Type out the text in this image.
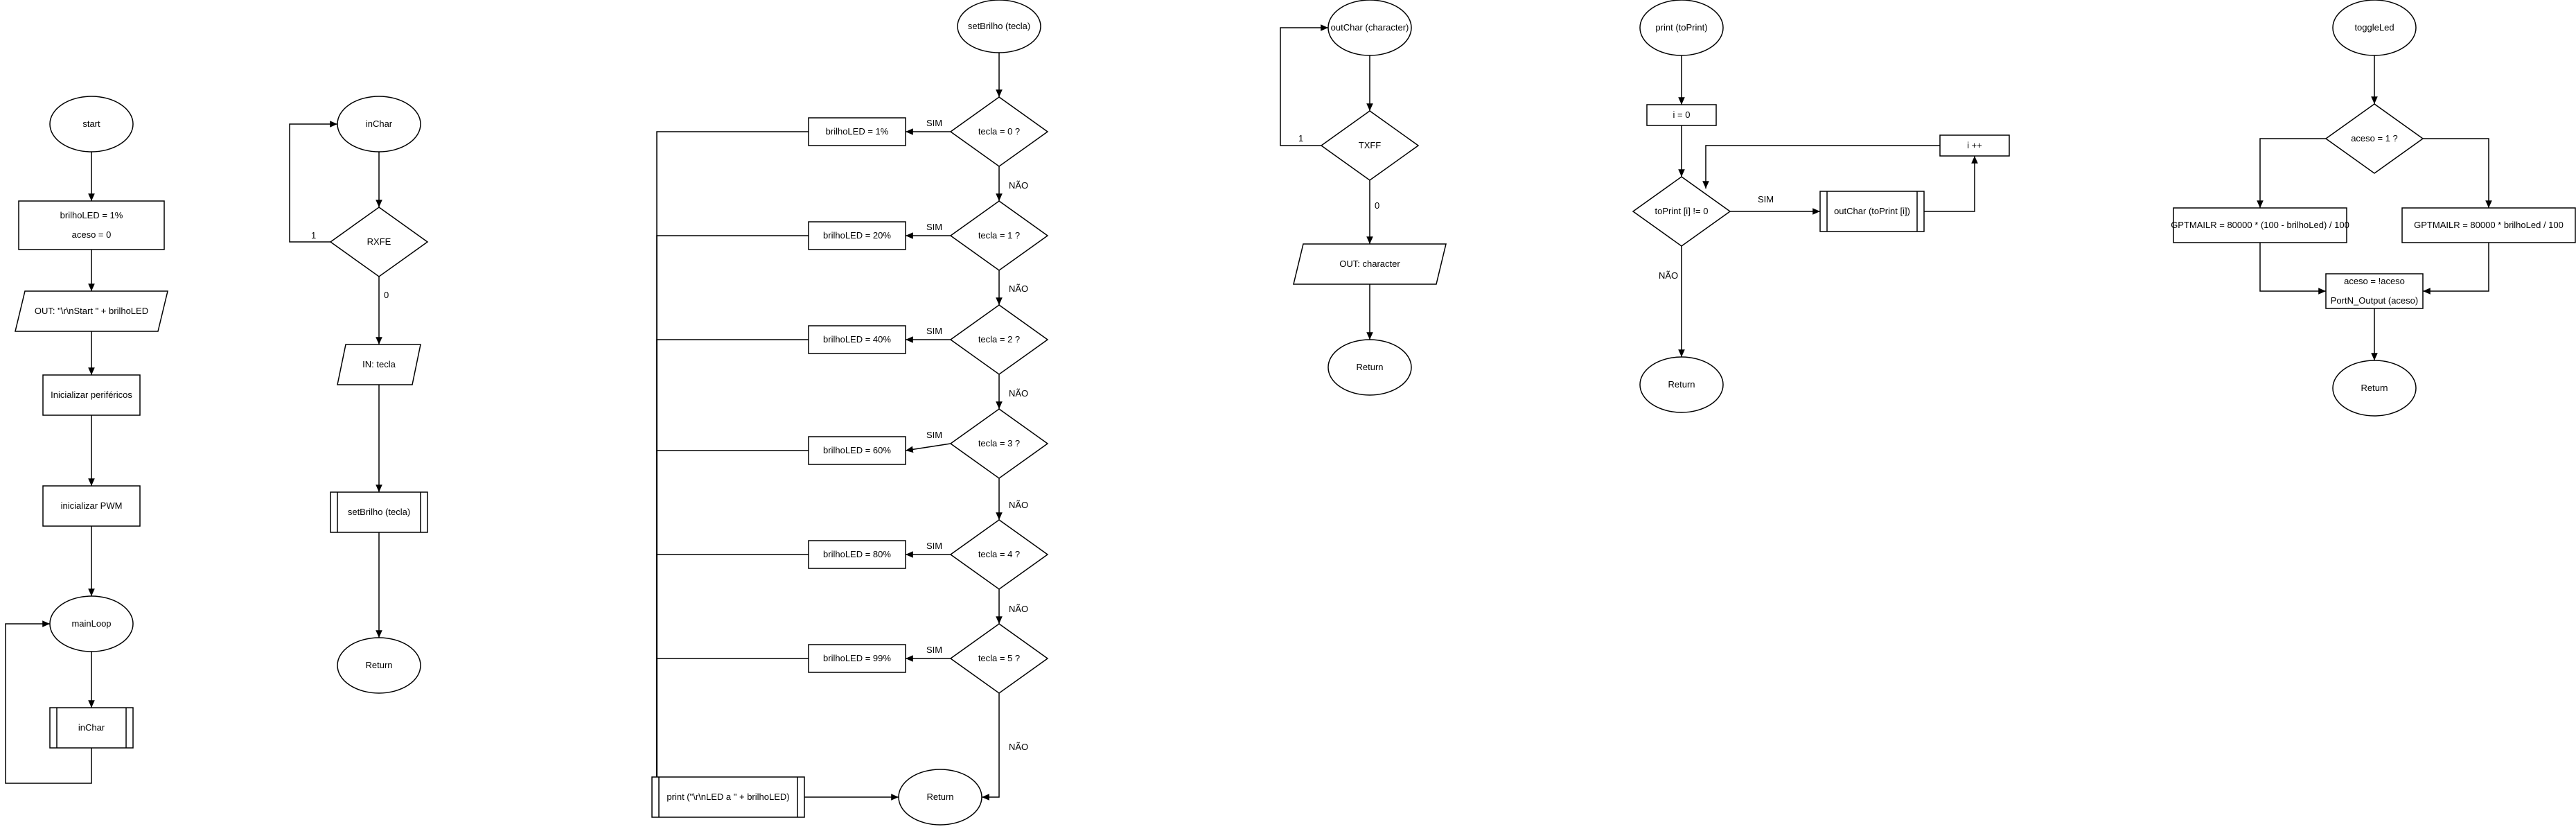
start
brilhoLED = 1%
aceso = 0
OUT: "\r\nStart " + brilhoLED
Inicializar periféricos
inicializar PWM
mainLoop
inChar
inChar
RXFE
IN: tecla
setBrilho (tecla)
Return
setBrilho (tecla)
tecla = 0 ?
tecla = 1 ?
tecla = 2 ?
tecla = 3 ?
tecla = 4 ?
tecla = 5 ?
brilhoLED = 1%
brilhoLED = 20%
brilhoLED = 40%
brilhoLED = 60%
brilhoLED = 80%
brilhoLED = 99%
print ("\r\nLED a " + brilhoLED)	Return
outChar (character)
TXFF
OUT: character
Return
print (toPrint)
i = 0
toPrint [i] != 0	outChar (toPrint [i])
i ++
Return
toggleLed
aceso = 1 ?
GPTMAILR = 80000 * (100 - brilhoLed) / 100	GPTMAILR = 80000 * brilhoLed / 100
aceso = !aceso
PortN_Output (aceso)
Return
1
0
SIM
SIM
SIM
SIM
SIM
SIM
NÃO
NÃO
NÃO
NÃO
NÃO
NÃO
1
0
SIM
NÃO
